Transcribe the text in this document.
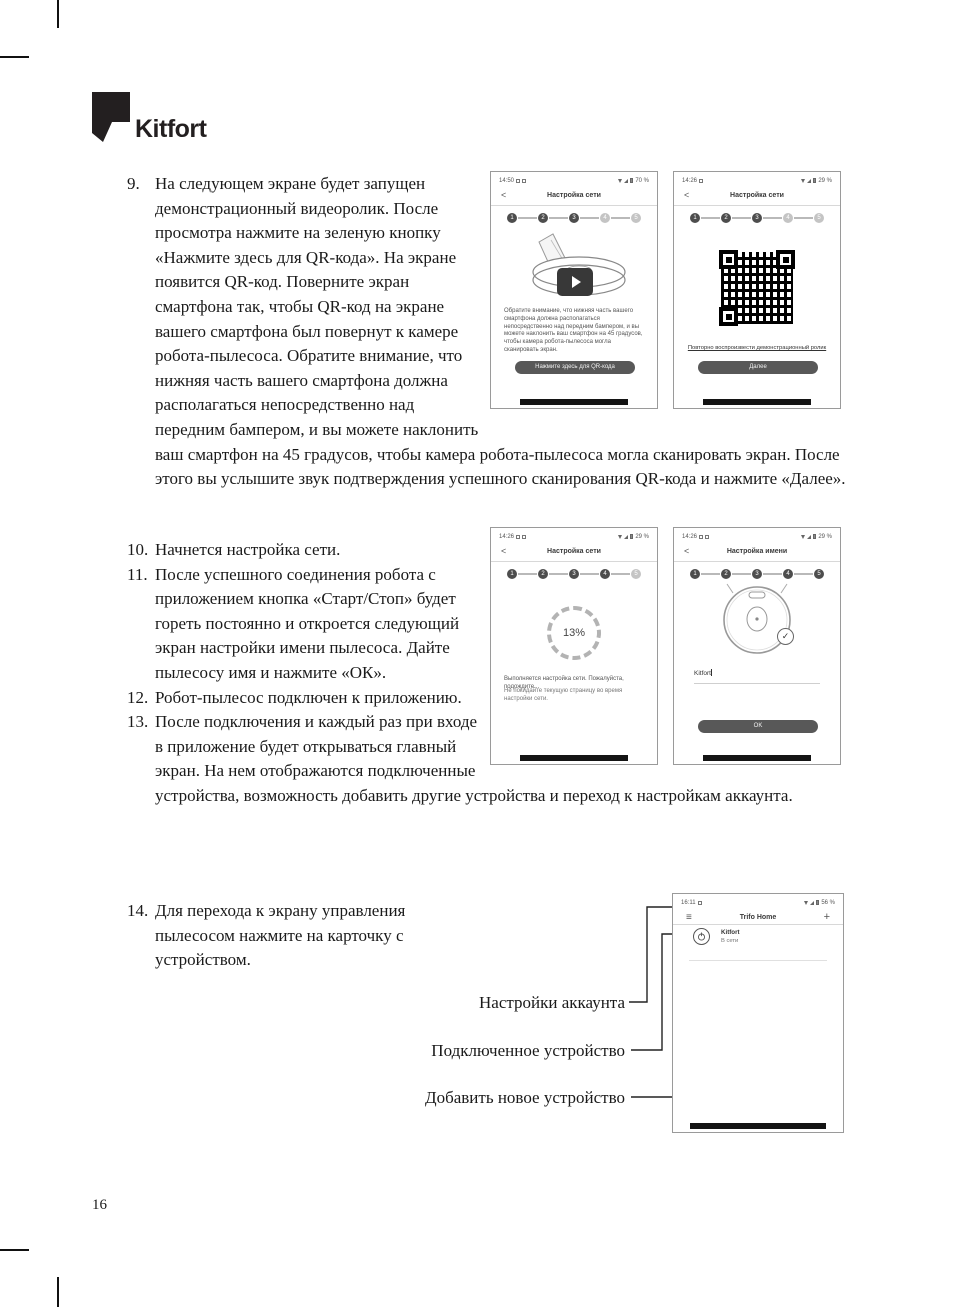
Kitfort

9. На следующем экране будет запущен демонстрационный видеоролик. После просмотра нажмите на зеленую кнопку «Нажмите здесь для QR-кода». На экране появится QR-код. Поверните экран смартфона так, чтобы QR-код на экране вашего смартфона был повернут к камере робота-пылесоса. Обратите внимание, что нижняя часть вашего смартфона должна располагаться непосредственно над передним бампером, и вы можете наклонить ваш смартфон на 45 градусов, чтобы камера робота-пылесоса могла сканировать экран. После этого вы услышите звук подтверждения успешного сканирования QR-кода и нажмите «Далее».

10. Начнется настройка сети.

11. После успешного соединения робота с приложением кнопка «Старт/Стоп» будет гореть постоянно и откроется следующий экран настройки имени пылесоса. Дайте пылесосу имя и нажмите «ОК».

12. Робот-пылесос подключен к приложению.

13. После подключения и каждый раз при входе в приложение будет открываться главный экран. На нем отображаются подключенные устройства, возможность добавить другие устройства и переход к настройкам аккаунта.

14. Для перехода к экрану управления пылесосом нажмите на карточку с устройством.

Настройки аккаунта
Подключенное устройство
Добавить новое устройство
14:50	70 %
<	Настройка сети
1	2	3	4	5
Обратите внимание, что нижняя часть вашего смартфона должна располагаться непосредственно над передним бампером, и вы можете наклонить ваш смартфон на 45 градусов, чтобы камера робота-пылесоса могла сканировать экран.
Нажмите здесь для QR-кода
14:26	29 %
<	Настройка сети
1	2	3	4	5
Повторно воспроизвести демонстрационный ролик
Далее
14:26	29 %
<	Настройка сети
1	2	3	4	5
13%
Выполняется настройка сети. Пожалуйста, подождите...
Не покидайте текущую страницу во время настройки сети.
14:26	29 %
<	Настройка имени
1	2	3	4	5
✓
Kitfort
OK
16:11	56 %
≡	Trifo Home	+
Kitfort
В сети
16
